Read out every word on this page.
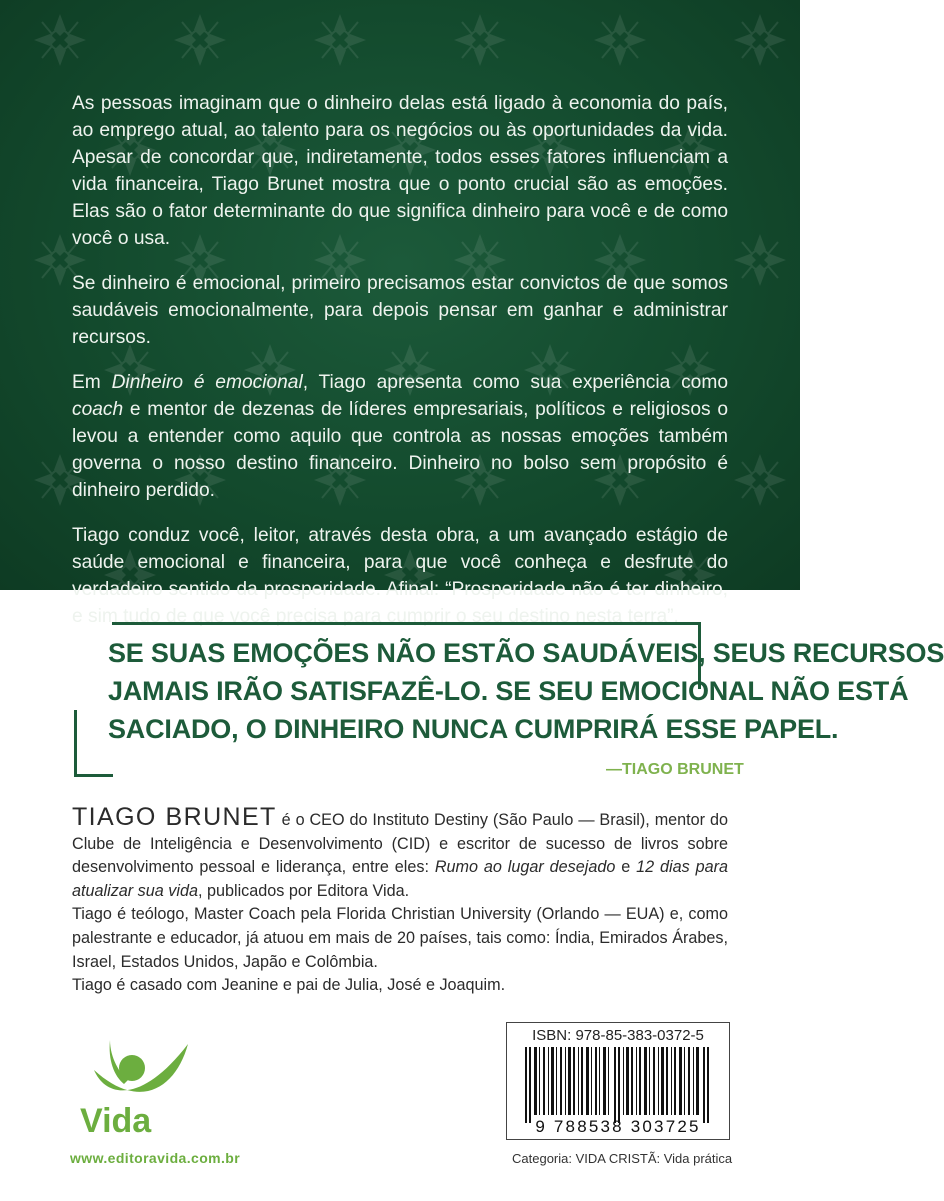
As pessoas imaginam que o dinheiro delas está ligado à economia do país, ao emprego atual, ao talento para os negócios ou às oportunidades da vida. Apesar de concordar que, indiretamente, todos esses fatores influenciam a vida financeira, Tiago Brunet mostra que o ponto crucial são as emoções. Elas são o fator determinante do que significa dinheiro para você e de como você o usa.

Se dinheiro é emocional, primeiro precisamos estar convictos de que somos saudáveis emocionalmente, para depois pensar em ganhar e administrar recursos.

Em Dinheiro é emocional, Tiago apresenta como sua experiência como coach e mentor de dezenas de líderes empresariais, políticos e religiosos o levou a entender como aquilo que controla as nossas emoções também governa o nosso destino financeiro. Dinheiro no bolso sem propósito é dinheiro perdido.

Tiago conduz você, leitor, através desta obra, a um avançado estágio de saúde emocional e financeira, para que você conheça e desfrute do verdadeiro sentido da prosperidade. Afinal: “Prosperidade não é ter dinheiro, e sim tudo de que você precisa para cumprir o seu destino nesta terra”.

SE SUAS EMOÇÕES NÃO ESTÃO SAUDÁVEIS, SEUS RECURSOS
JAMAIS IRÃO SATISFAZÊ-LO. SE SEU EMOCIONAL NÃO ESTÁ
SACIADO, O DINHEIRO NUNCA CUMPRIRÁ ESSE PAPEL.
—TIAGO BRUNET

TIAGO BRUNET é o CEO do Instituto Destiny (São Paulo — Brasil), mentor do Clube de Inteligência e Desenvolvimento (CID) e escritor de sucesso de livros sobre desenvolvimento pessoal e liderança, entre eles: Rumo ao lugar desejado e 12 dias para atualizar sua vida, publicados por Editora Vida.

Tiago é teólogo, Master Coach pela Florida Christian University (Orlando — EUA) e, como palestrante e educador, já atuou em mais de 20 países, tais como: Índia, Emirados Árabes, Israel, Estados Unidos, Japão e Colômbia.

Tiago é casado com Jeanine e pai de Julia, José e Joaquim.

Vida
www.editoravida.com.br
ISBN: 978-85-383-0372-5
9 788538 303725
Categoria: VIDA CRISTÃ: Vida prática
